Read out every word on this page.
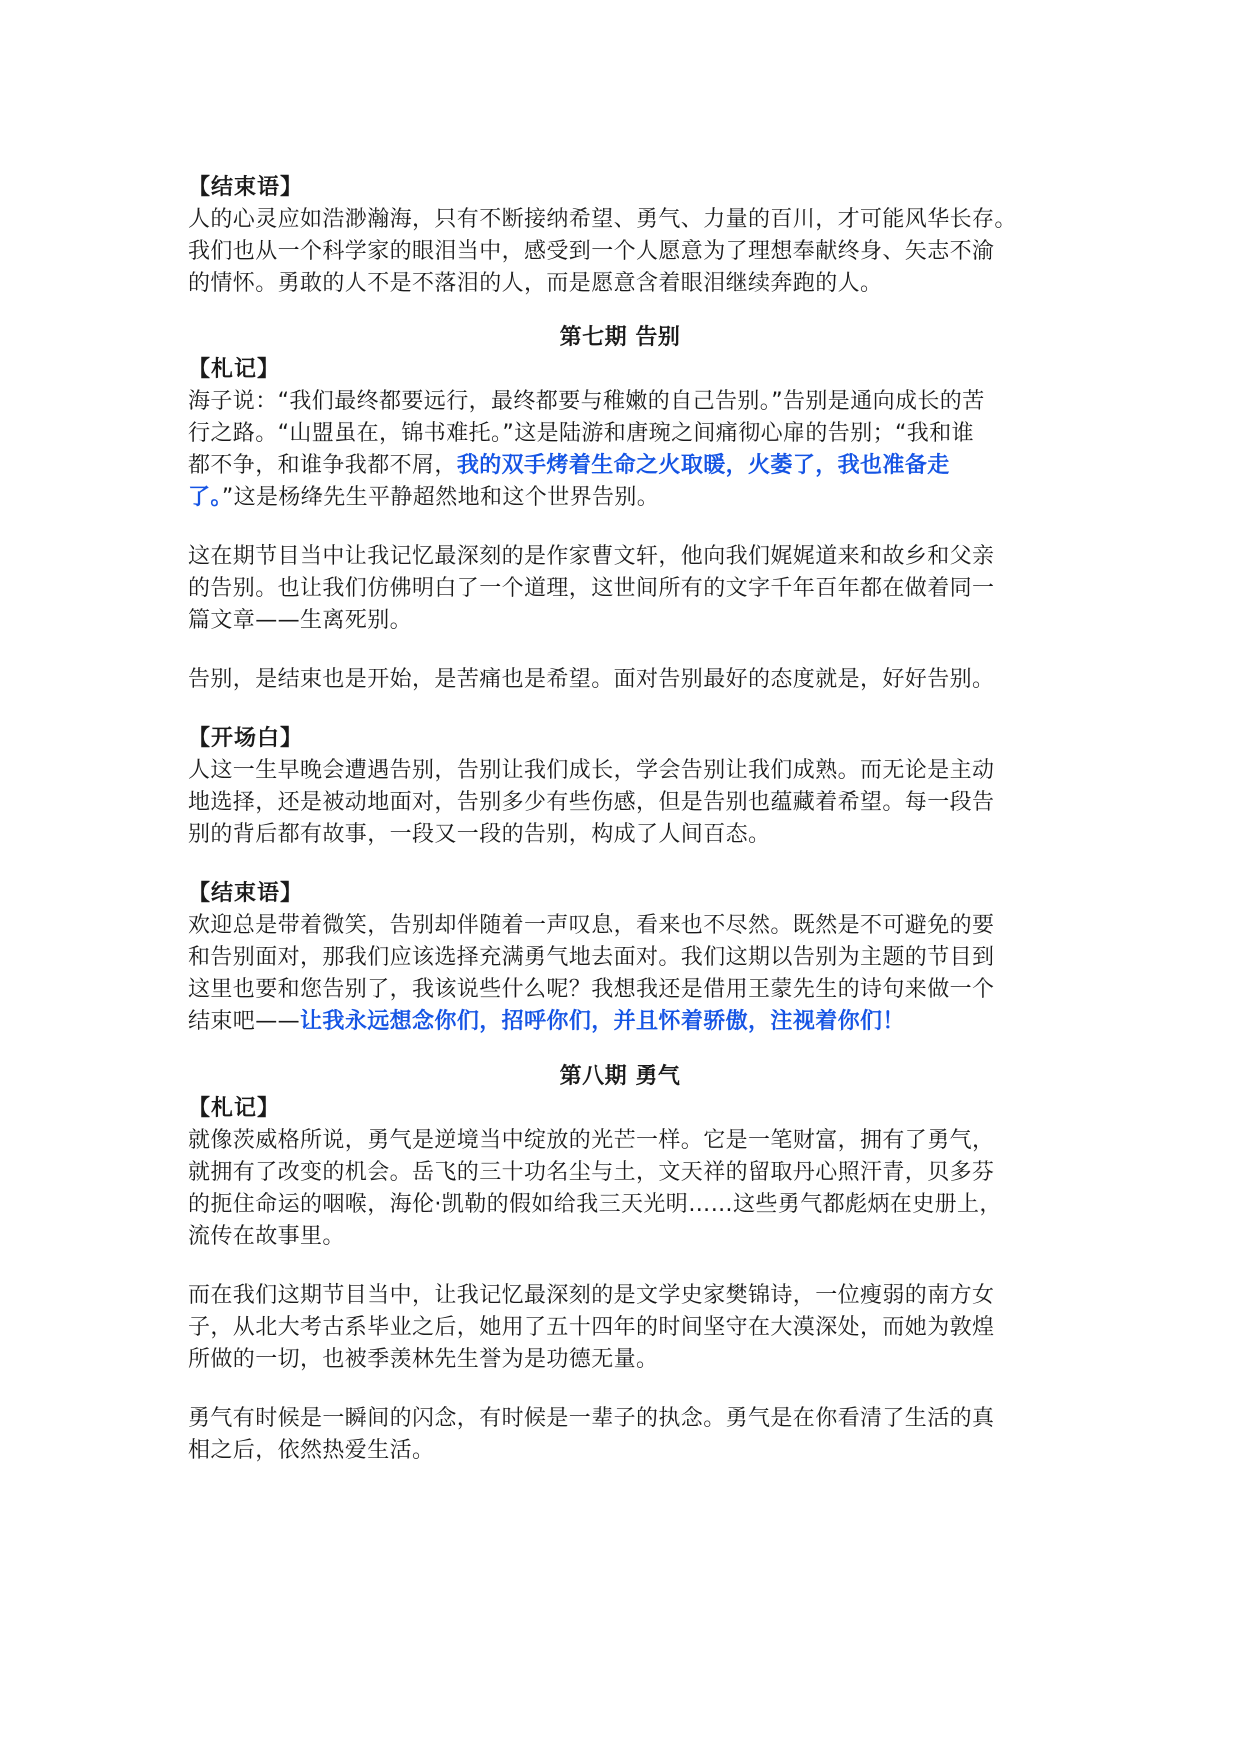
【结束语】
人的心灵应如浩渺瀚海，只有不断接纳希望、勇气、力量的百川，才可能风华长存。
我们也从一个科学家的眼泪当中，感受到一个人愿意为了理想奉献终身、矢志不渝
的情怀。勇敢的人不是不落泪的人，而是愿意含着眼泪继续奔跑的人。
第七期 告别
【札记】
海子说：“我们最终都要远行，最终都要与稚嫩的自己告别。”告别是通向成长的苦
行之路。“山盟虽在，锦书难托。”这是陆游和唐琬之间痛彻心扉的告别；“我和谁
都不争，和谁争我都不屑，我的双手烤着生命之火取暖，火萎了，我也准备走
了。”这是杨绛先生平静超然地和这个世界告别。
这在期节目当中让我记忆最深刻的是作家曹文轩，他向我们娓娓道来和故乡和父亲
的告别。也让我们仿佛明白了一个道理，这世间所有的文字千年百年都在做着同一
篇文章——生离死别。
告别，是结束也是开始，是苦痛也是希望。面对告别最好的态度就是，好好告别。
【开场白】
人这一生早晚会遭遇告别，告别让我们成长，学会告别让我们成熟。而无论是主动
地选择，还是被动地面对，告别多少有些伤感，但是告别也蕴藏着希望。每一段告
别的背后都有故事，一段又一段的告别，构成了人间百态。
【结束语】
欢迎总是带着微笑，告别却伴随着一声叹息，看来也不尽然。既然是不可避免的要
和告别面对，那我们应该选择充满勇气地去面对。我们这期以告别为主题的节目到
这里也要和您告别了，我该说些什么呢？我想我还是借用王蒙先生的诗句来做一个
结束吧——让我永远想念你们，招呼你们，并且怀着骄傲，注视着你们！
第八期 勇气
【札记】
就像茨威格所说，勇气是逆境当中绽放的光芒一样。它是一笔财富，拥有了勇气，
就拥有了改变的机会。岳飞的三十功名尘与土，文天祥的留取丹心照汗青，贝多芬
的扼住命运的咽喉，海伦·凯勒的假如给我三天光明……这些勇气都彪炳在史册上，
流传在故事里。
而在我们这期节目当中，让我记忆最深刻的是文学史家樊锦诗，一位瘦弱的南方女
子，从北大考古系毕业之后，她用了五十四年的时间坚守在大漠深处，而她为敦煌
所做的一切，也被季羡林先生誉为是功德无量。
勇气有时候是一瞬间的闪念，有时候是一辈子的执念。勇气是在你看清了生活的真
相之后，依然热爱生活。
